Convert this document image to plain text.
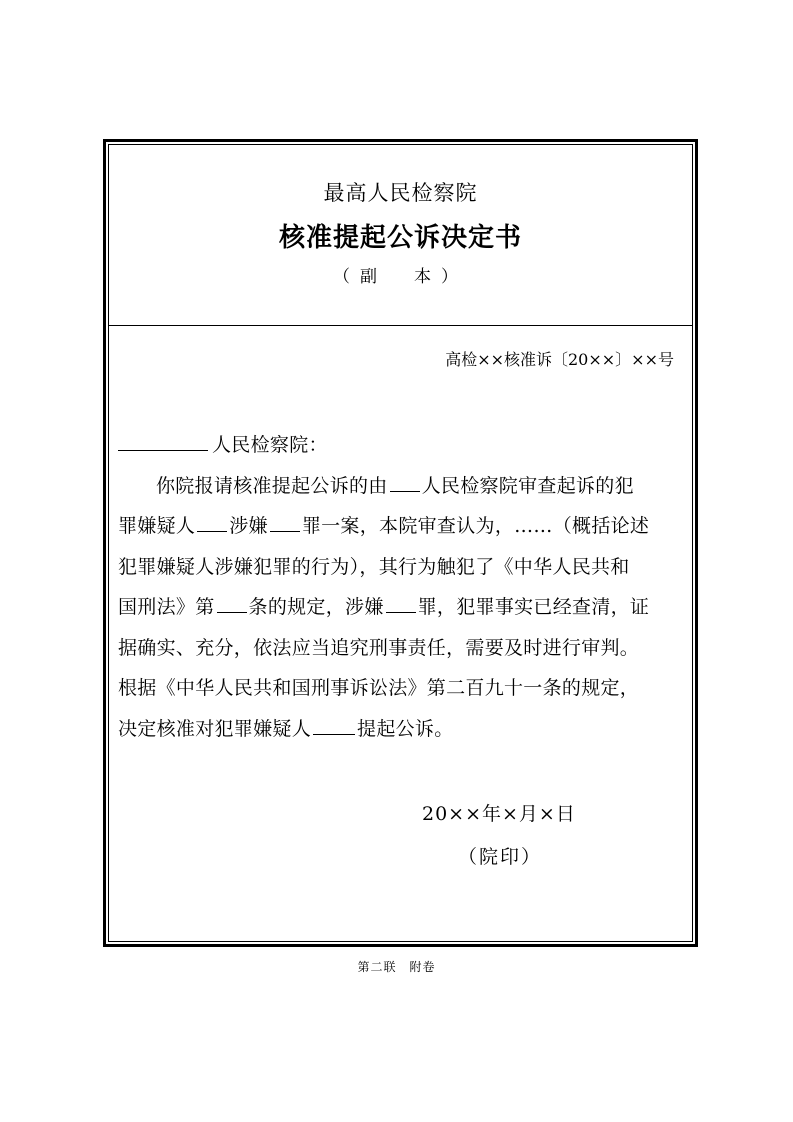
最高人民检察院
核准提起公诉决定书
（副　本）
高检××核准诉〔20××〕××号
人民检察院：
你院报请核准提起公诉的由 人民检察院审查起诉的犯
罪嫌疑人 涉嫌 罪一案，本院审查认为，……（概括论述
犯罪嫌疑人涉嫌犯罪的行为），其行为触犯了《中华人民共和
国刑法》第 条的规定，涉嫌 罪，犯罪事实已经查清，证
据确实、充分，依法应当追究刑事责任，需要及时进行审判。
根据《中华人民共和国刑事诉讼法》第二百九十一条的规定，
决定核准对犯罪嫌疑人 提起公诉。
20××年×月×日
（院印）
第二联　附卷
